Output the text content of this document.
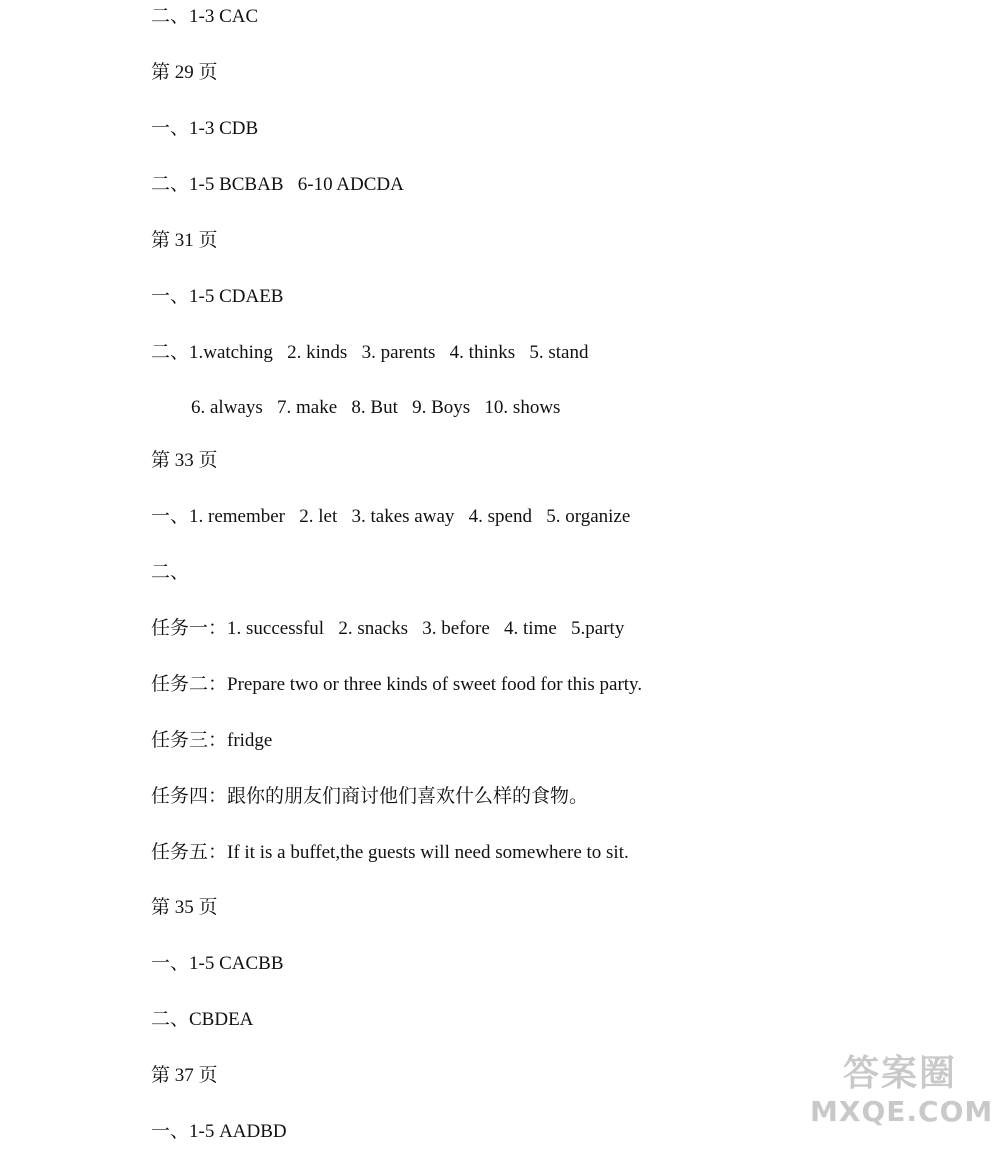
二、1-3 CAC
第 29 页
一、1-3 CDB
二、1-5 BCBAB   6-10 ADCDA
第 31 页
一、1-5 CDAEB
二、1.watching   2. kinds   3. parents   4. thinks   5. stand
6. always   7. make   8. But   9. Boys   10. shows
第 33 页
一、1. remember   2. let   3. takes away   4. spend   5. organize
二、
任务一：1. successful   2. snacks   3. before   4. time   5.party
任务二：Prepare two or three kinds of sweet food for this party.
任务三：fridge
任务四：跟你的朋友们商讨他们喜欢什么样的食物。
任务五：If it is a buffet,the guests will need somewhere to sit.
第 35 页
一、1-5 CACBB
二、CBDEA
第 37 页
一、1-5 AADBD
答案圈
MXQE.COM
